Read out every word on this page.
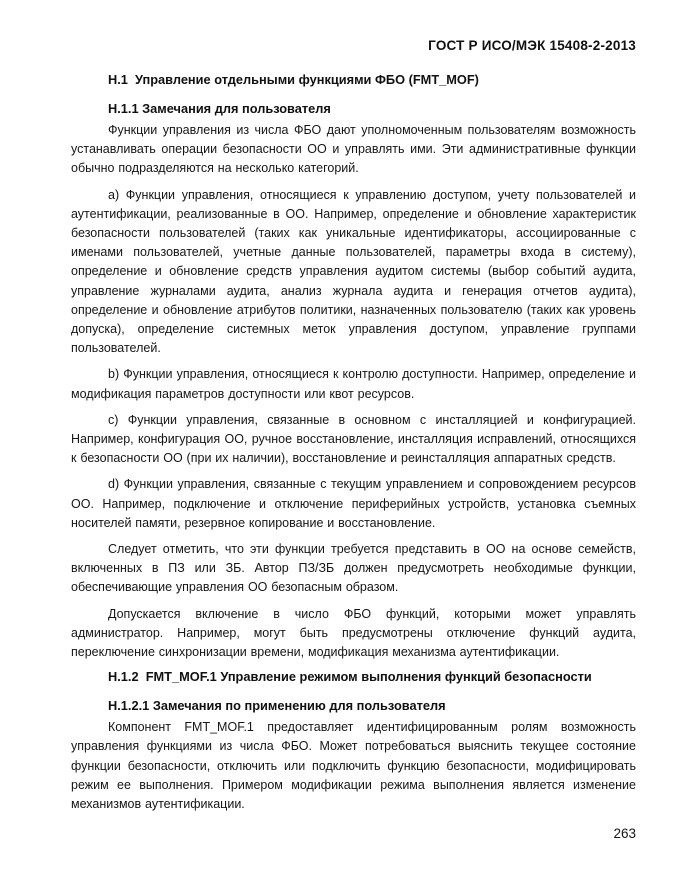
ГОСТ Р ИСО/МЭК 15408-2-2013
Н.1  Управление отдельными функциями ФБО (FMT_MOF)
Н.1.1 Замечания для пользователя

Функции управления из числа ФБО дают уполномоченным пользователям возможность устанавливать операции безопасности ОО и управлять ими. Эти административные функции обычно подразделяются на несколько категорий.

a) Функции управления, относящиеся к управлению доступом, учету пользователей и аутентификации, реализованные в ОО. Например, определение и обновление характеристик безопасности пользователей (таких как уникальные идентификаторы, ассоциированные с именами пользователей, учетные данные пользователей, параметры входа в систему), определение и обновление средств управления аудитом системы (выбор событий аудита, управление журналами аудита, анализ журнала аудита и генерация отчетов аудита), определение и обновление атрибутов политики, назначенных пользователю (таких как уровень допуска), определение системных меток управления доступом, управление группами пользователей.

b) Функции управления, относящиеся к контролю доступности. Например, определение и модификация параметров доступности или квот ресурсов.

c) Функции управления, связанные в основном с инсталляцией и конфигурацией. Например, конфигурация ОО, ручное восстановление, инсталляция исправлений, относящихся к безопасности ОО (при их наличии), восстановление и реинсталляция аппаратных средств.

d) Функции управления, связанные с текущим управлением и сопровождением ресурсов ОО. Например, подключение и отключение периферийных устройств, установка съемных носителей памяти, резервное копирование и восстановление.

Следует отметить, что эти функции требуется представить в ОО на основе семейств, включенных в ПЗ или ЗБ. Автор ПЗ/ЗБ должен предусмотреть необходимые функции, обеспечивающие управления ОО безопасным образом.

Допускается включение в число ФБО функций, которыми может управлять администратор. Например, могут быть предусмотрены отключение функций аудита, переключение синхронизации времени, модификация механизма аутентификации.

Н.1.2  FMT_MOF.1 Управление режимом выполнения функций безопасности
Н.1.2.1 Замечания по применению для пользователя

Компонент FMT_MOF.1 предоставляет идентифицированным ролям возможность управления функциями из числа ФБО. Может потребоваться выяснить текущее состояние функции безопасности, отключить или подключить функцию безопасности, модифицировать режим ее выполнения. Примером модификации режима выполнения является изменение механизмов аутентификации.

263
